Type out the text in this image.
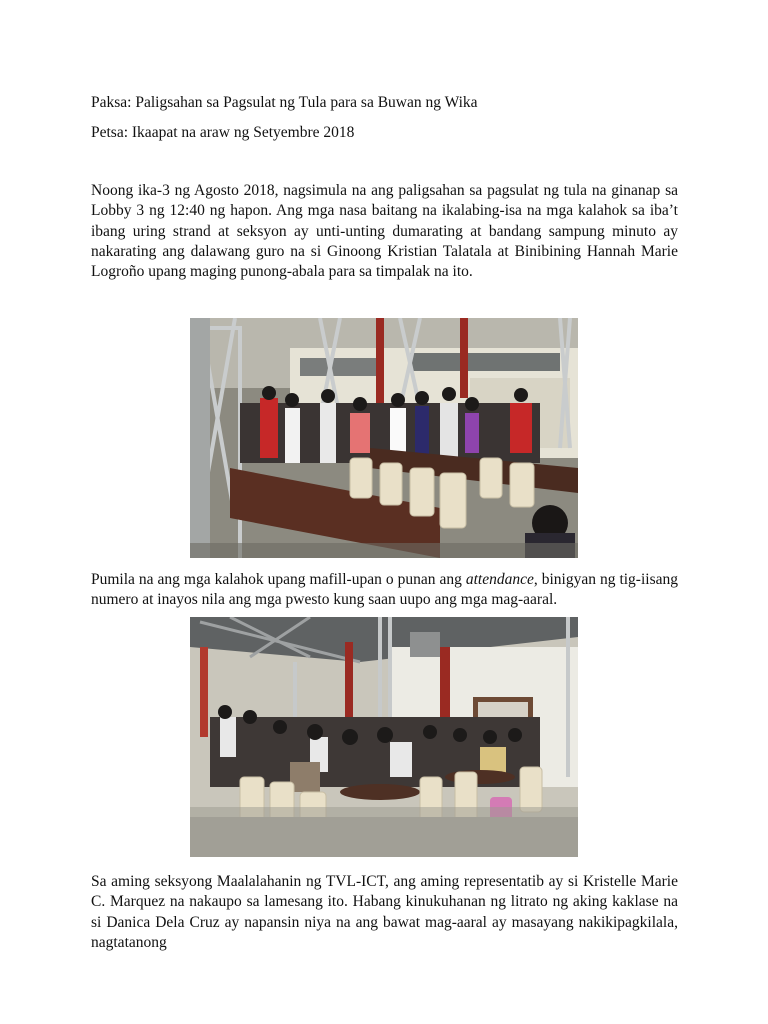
Paksa: Paligsahan sa Pagsulat ng Tula para sa Buwan ng Wika
Petsa: Ikaapat na araw ng Setyembre 2018
Noong ika-3 ng Agosto 2018, nagsimula na ang paligsahan sa pagsulat ng tula na ginanap sa Lobby 3 ng 12:40 ng hapon. Ang mga nasa baitang na ikalabing-isa na mga kalahok sa iba’t ibang uring strand at seksyon ay unti-unting dumarating at bandang sampung minuto ay nakarating ang dalawang guro na si Ginoong Kristian Talatala at Binibining Hannah Marie Logroño upang maging punong-abala para sa timpalak na ito.
Pumila na ang mga kalahok upang mafill-upan o punan ang attendance, binigyan ng tig-iisang numero at inayos nila ang mga pwesto kung saan uupo ang mga mag-aaral.
Sa aming seksyong Maalalahanin ng TVL-ICT, ang aming representatib ay si Kristelle Marie C. Marquez na nakaupo sa lamesang ito. Habang kinukuhanan ng litrato ng aking kaklase na si Danica Dela Cruz ay napansin niya na ang bawat mag-aaral ay masayang nakikipagkilala, nagtatanong
